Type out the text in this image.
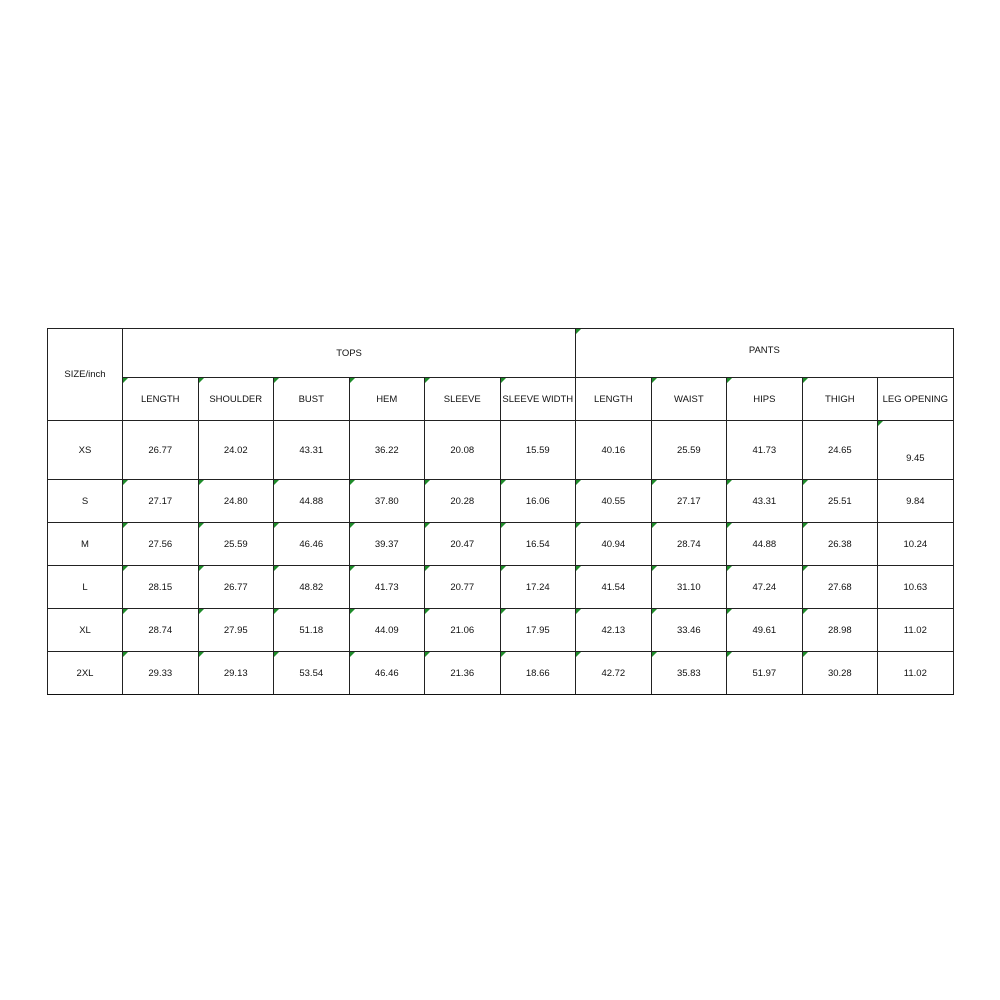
SIZE/inch	TOPS						PANTS				
	LENGTH	SHOULDER	BUST	HEM	SLEEVE	SLEEVE WIDTH	LENGTH	WAIST	HIPS	THIGH	LEG OPENING
XS	26.77	24.02	43.31	36.22	20.08	15.59	40.16	25.59	41.73	24.65	9.45
S	27.17	24.80	44.88	37.80	20.28	16.06	40.55	27.17	43.31	25.51	9.84
M	27.56	25.59	46.46	39.37	20.47	16.54	40.94	28.74	44.88	26.38	10.24
L	28.15	26.77	48.82	41.73	20.77	17.24	41.54	31.10	47.24	27.68	10.63
XL	28.74	27.95	51.18	44.09	21.06	17.95	42.13	33.46	49.61	28.98	11.02
2XL	29.33	29.13	53.54	46.46	21.36	18.66	42.72	35.83	51.97	30.28	11.02
